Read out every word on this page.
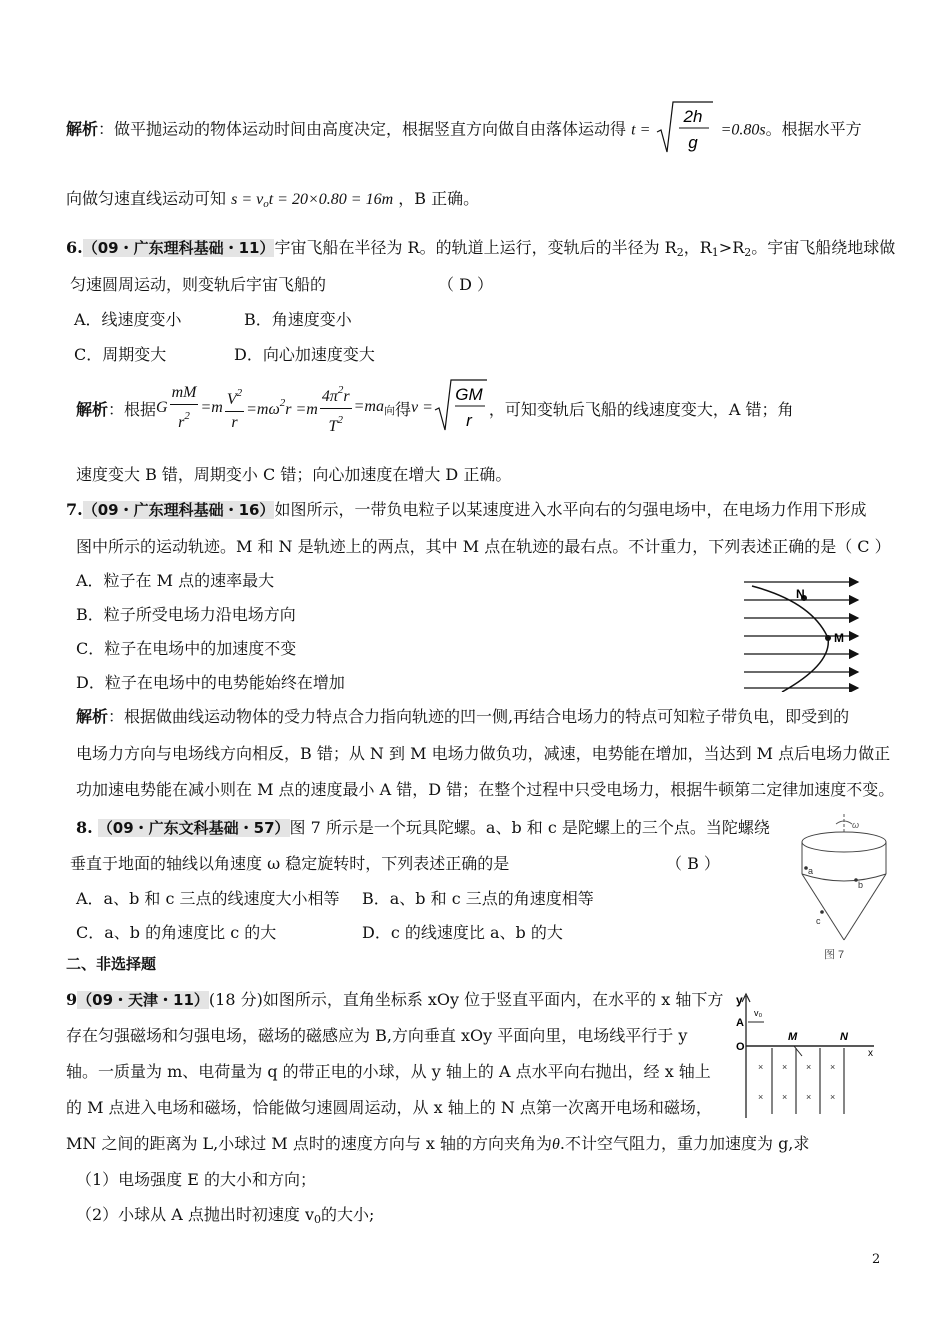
解析：做平抛运动的物体运动时间由高度决定，根据竖直方向做自由落体运动得 t =
2h
g
=0.80s。根据水平方
向做匀速直线运动可知 $s = v_ot = 20\times 0.80 = 16m$ ，B 正确。
6.（09・广东理科基础・11）宇宙飞船在半径为 R。的轨道上运行，变轨后的半径为 $R_2$，$R_1>R_2$。宇宙飞船绕地球做
匀速圆周运动，则变轨后宇宙飞船的	（ D ）
A．线速度变小	B．角速度变小
C．周期变大	D．向心加速度变大
解析 ：根据 G $\frac{mM}{r^2} =m \frac{V^2}{r} =m\omega^2r =m \frac{4\pi^2r}{T^2} =ma_向$ 得 v =
GM
r
，可知变轨后飞船的线速度变大，A 错；角
速度变大 B 错，周期变小 C 错；向心加速度在增大 D 正确。
7.（09・广东理科基础・16）如图所示，一带负电粒子以某速度进入水平向右的匀强电场中，在电场力作用下形成
图中所示的运动轨迹。M 和 N 是轨迹上的两点，其中 M 点在轨迹的最右点。不计重力，下列表述正确的是（ C ）
A．粒子在 M 点的速率最大
B．粒子所受电场力沿电场方向
C．粒子在电场中的加速度不变
D．粒子在电场中的电势能始终在增加
N
M
解析：根据做曲线运动物体的受力特点合力指向轨迹的凹一侧,再结合电场力的特点可知粒子带负电，即受到的
电场力方向与电场线方向相反，B 错；从 N 到 M 电场力做负功，减速，电势能在增加，当达到 M 点后电场力做正
功加速电势能在减小则在 M 点的速度最小 A 错，D 错；在整个过程中只受电场力，根据牛顿第二定律加速度不变。
8. （09・广东文科基础・57）图 7 所示是一个玩具陀螺。a、b 和 c 是陀螺上的三个点。当陀螺绕
垂直于地面的轴线以角速度 ω 稳定旋转时，下列表述正确的是	（ B ）
A．a、b 和 c 三点的线速度大小相等 B．a、b 和 c 三点的角速度相等
C．a、b 的角速度比 c 的大	D．c 的线速度比 a、b 的大
ω
a
b
c
图 7
二、非选择题
9（09・天津・11）(18 分)如图所示，直角坐标系 xOy 位于竖直平面内，在水平的 x 轴下方
存在匀强磁场和匀强电场，磁场的磁感应为 B,方向垂直 xOy 平面向里，电场线平行于 y
轴。一质量为 m、电荷量为 q 的带正电的小球，从 y 轴上的 A 点水平向右抛出，经 x 轴上
的 M 点进入电场和磁场，恰能做匀速圆周运动，从 x 轴上的 N 点第一次离开电场和磁场，
MN 之间的距离为 L,小球过 M 点时的速度方向与 x 轴的方向夹角为θ.不计空气阻力，重力加速度为 g,求
（1）电场强度 E 的大小和方向；
（2）小球从 A 点抛出时初速度 $v_0$的大小;
y
x
O
A
v₀
M	N
× × × ×
× × × ×
2
